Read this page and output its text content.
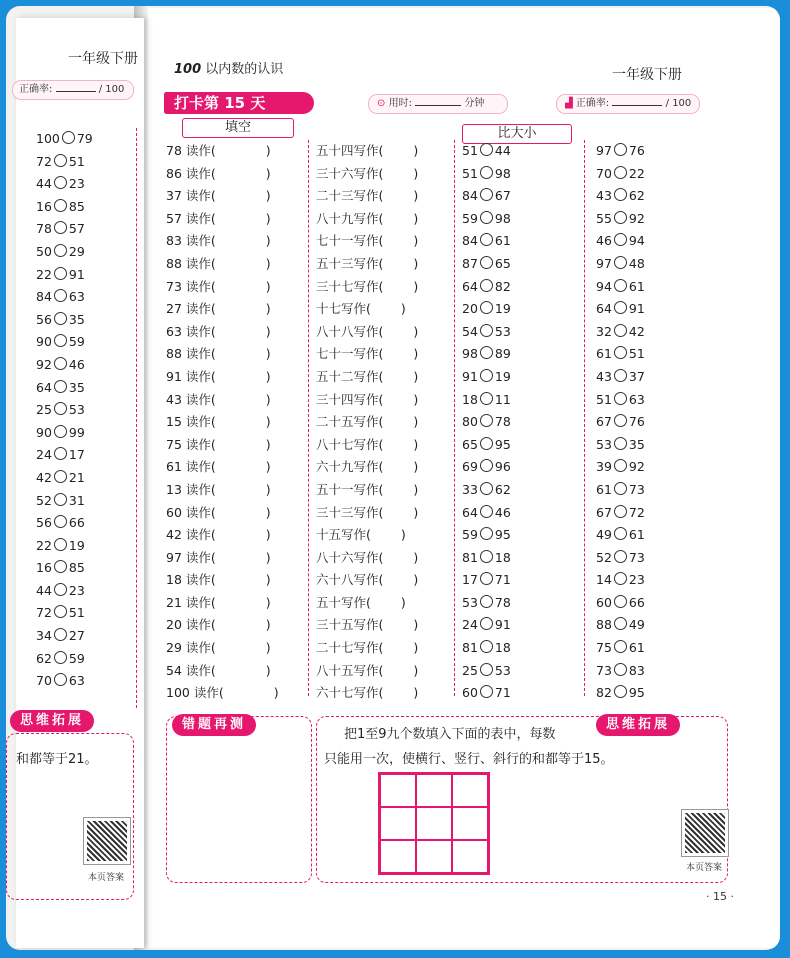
一年级下册
正确率:	/ 100
100 79
72 51
44 23
16 85
78 57
50 29
22 91
84 63
56 35
90 59
92 46
64 35
25 53
90 99
24 17
42 21
52 31
56 66
22 19
16 85
44 23
72 51
34 27
62 59
70 63
思维拓展
和都等于21。
本页答案
100 以内数的认识	一年级下册
打卡第 15 天	⊙ 用时:	分钟	▟ 正确率:	/ 100
填空	比大小
78 读作(	)
86 读作(	)
37 读作(	)
57 读作(	)
83 读作(	)
88 读作(	)
73 读作(	)
27 读作(	)
63 读作(	)
88 读作(	)
91 读作(	)
43 读作(	)
15 读作(	)
75 读作(	)
61 读作(	)
13 读作(	)
60 读作(	)
42 读作(	)
97 读作(	)
18 读作(	)
21 读作(	)
20 读作(	)
29 读作(	)
54 读作(	)
100 读作(	)
五十四写作( )
三十六写作( )
二十三写作( )
八十九写作( )
七十一写作( )
五十三写作( )
三十七写作( )
十七写作( )
八十八写作( )
七十一写作( )
五十二写作( )
三十四写作( )
二十五写作( )
八十七写作( )
六十九写作( )
五十一写作( )
三十三写作( )
十五写作( )
八十六写作( )
六十八写作( )
五十写作( )
三十五写作( )
二十七写作( )
八十五写作( )
六十七写作( )
51 44
51 98
84 67
59 98
84 61
87 65
64 82
20 19
54 53
98 89
91 19
18 11
80 78
65 95
69 96
33 62
64 46
59 95
81 18
17 71
53 78
24 91
81 18
25 53
60 71
97 76
70 22
43 62
55 92
46 94
97 48
94 61
64 91
32 42
61 51
43 37
51 63
67 76
53 35
39 92
61 73
67 72
49 61
52 73
14 23
60 66
88 49
75 61
73 83
82 95
错题再测	思维拓展
把1至9九个数填入下面的表中，每数
只能用一次，使横行、竖行、斜行的和都等于15。
本页答案
· 15 ·
